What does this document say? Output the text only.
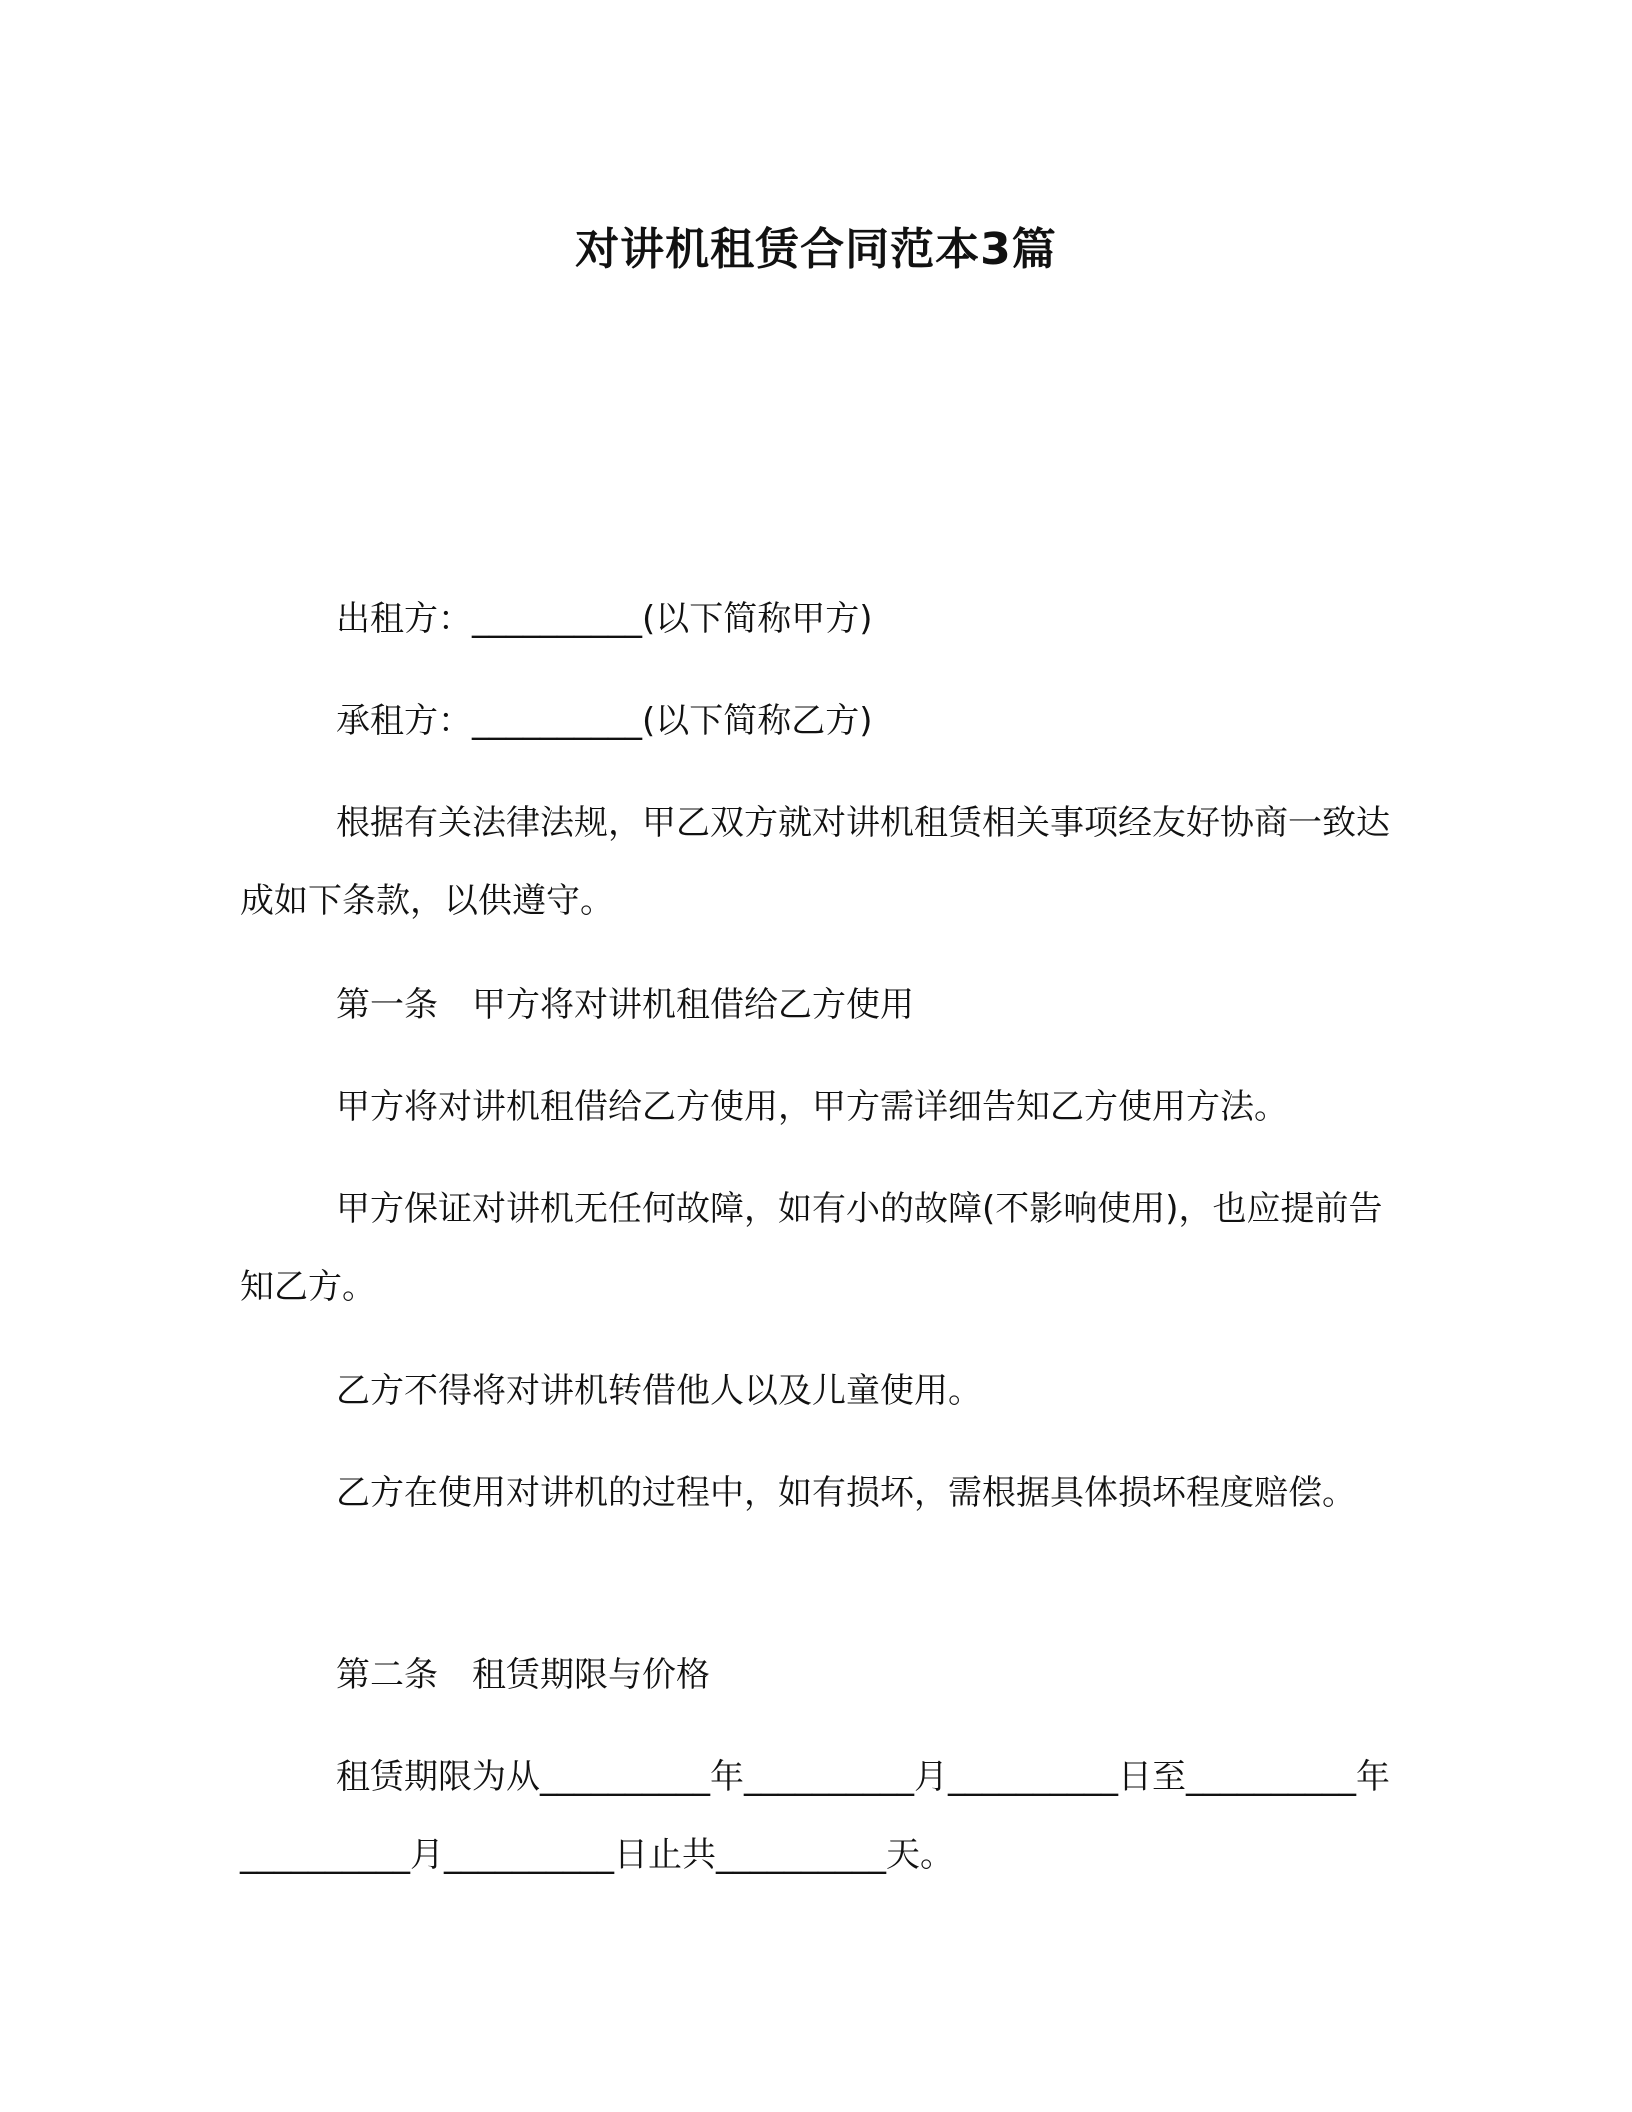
对讲机租赁合同范本3篇

出租方：__________(以下简称甲方)

承租方：__________(以下简称乙方)

根据有关法律法规，甲乙双方就对讲机租赁相关事项经友好协商一致达成如下条款，以供遵守。

第一条　甲方将对讲机租借给乙方使用

甲方将对讲机租借给乙方使用，甲方需详细告知乙方使用方法。

甲方保证对讲机无任何故障，如有小的故障(不影响使用)，也应提前告知乙方。

乙方不得将对讲机转借他人以及儿童使用。

乙方在使用对讲机的过程中，如有损坏，需根据具体损坏程度赔偿。

第二条　租赁期限与价格

租赁期限为从__________年__________月__________日至__________年__________月__________日止共__________天。
